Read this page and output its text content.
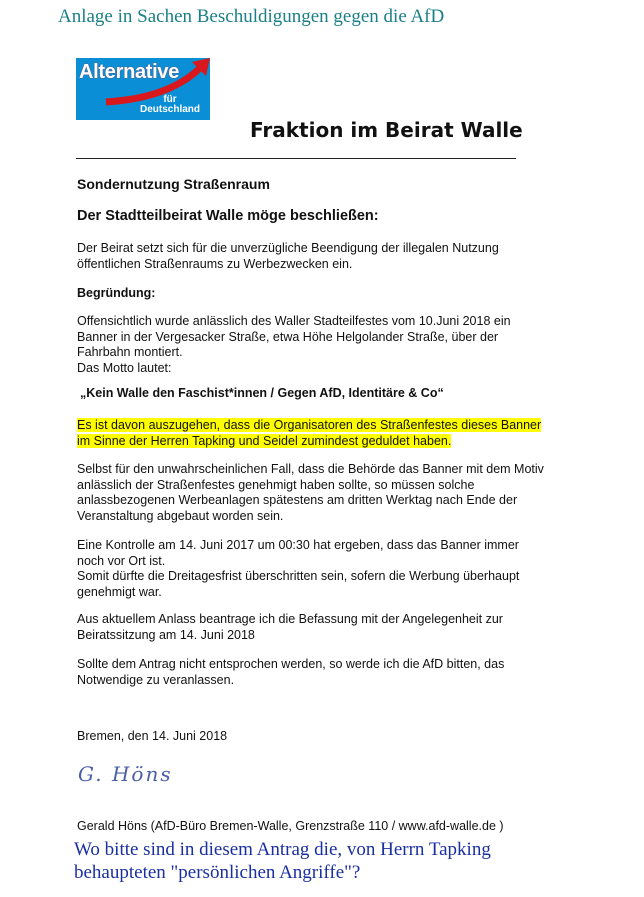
Anlage in Sachen Beschuldigungen gegen die AfD
Alternative
für
Deutschland
Fraktion im Beirat Walle
Sondernutzung Straßenraum
Der Stadtteilbeirat Walle möge beschließen:
Der Beirat setzt sich für die unverzügliche Beendigung der illegalen Nutzung
öffentlichen Straßenraums zu Werbezwecken ein.
Begründung:
Offensichtlich wurde anlässlich des Waller Stadteilfestes vom 10.Juni 2018 ein
Banner in der Vergesacker Straße, etwa Höhe Helgolander Straße, über der
Fahrbahn montiert.
Das Motto lautet:
„Kein Walle den Faschist*innen / Gegen AfD, Identitäre & Co“
Es ist davon auszugehen, dass die Organisatoren des Straßenfestes dieses Banner
im Sinne der Herren Tapking und Seidel zumindest geduldet haben.
Selbst für den unwahrscheinlichen Fall, dass die Behörde das Banner mit dem Motiv
anlässlich der Straßenfestes genehmigt haben sollte, so müssen solche
anlassbezogenen Werbeanlagen spätestens am dritten Werktag nach Ende der
Veranstaltung abgebaut worden sein.
Eine Kontrolle am 14. Juni 2017 um 00:30 hat ergeben, dass das Banner immer
noch vor Ort ist.
Somit dürfte die Dreitagesfrist überschritten sein, sofern die Werbung überhaupt
genehmigt war.
Aus aktuellem Anlass beantrage ich die Befassung mit der Angelegenheit zur
Beiratssitzung am 14. Juni 2018
Sollte dem Antrag nicht entsprochen werden, so werde ich die AfD bitten, das
Notwendige zu veranlassen.
Bremen, den 14. Juni 2018
G. Höns
Gerald Höns (AfD-Büro Bremen-Walle, Grenzstraße 110 / www.afd-walle.de )
Wo bitte sind in diesem Antrag die, von Herrn Tapking
behaupteten "persönlichen Angriffe"?
